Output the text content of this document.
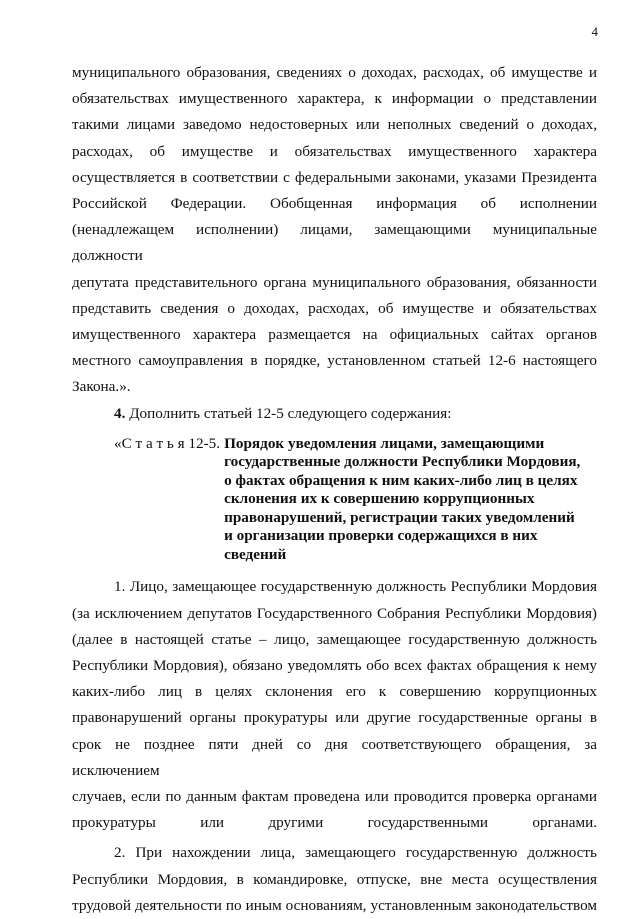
4
муниципального образования, сведениях о доходах, расходах, об имуществе и
обязательствах имущественного характера, к информации о представлении
такими лицами заведомо недостоверных или неполных сведений о доходах,
расходах, об имуществе и обязательствах имущественного характера
осуществляется в соответствии с федеральными законами, указами Президента
Российской Федерации. Обобщенная информация об исполнении
(ненадлежащем исполнении) лицами, замещающими муниципальные должности
депутата представительного органа муниципального образования, обязанности
представить сведения о доходах, расходах, об имуществе и обязательствах
имущественного характера размещается на официальных сайтах органов
местного самоуправления в порядке, установленном статьей 12-6 настоящего
Закона.».
4. Дополнить статьей 12-5 следующего содержания:
«С т а т ь я 12-5. Порядок уведомления лицами, замещающими
государственные должности Республики Мордовия,
о фактах обращения к ним каких-либо лиц в целях
склонения их к совершению коррупционных
правонарушений, регистрации таких уведомлений
и организации проверки содержащихся в них
сведений
1. Лицо, замещающее государственную должность Республики Мордовия
(за исключением депутатов Государственного Собрания Республики Мордовия)
(далее в настоящей статье – лицо, замещающее государственную должность
Республики Мордовия), обязано уведомлять обо всех фактах обращения к нему
каких-либо лиц в целях склонения его к совершению коррупционных
правонарушений органы прокуратуры или другие государственные органы в
срок не позднее пяти дней со дня соответствующего обращения, за исключением
случаев, если по данным фактам проведена или проводится проверка органами
прокуратуры или другими государственными органами.
2. При нахождении лица, замещающего государственную должность
Республики Мордовия, в командировке, отпуске, вне места осуществления
трудовой деятельности по иным основаниям, установленным законодательством
